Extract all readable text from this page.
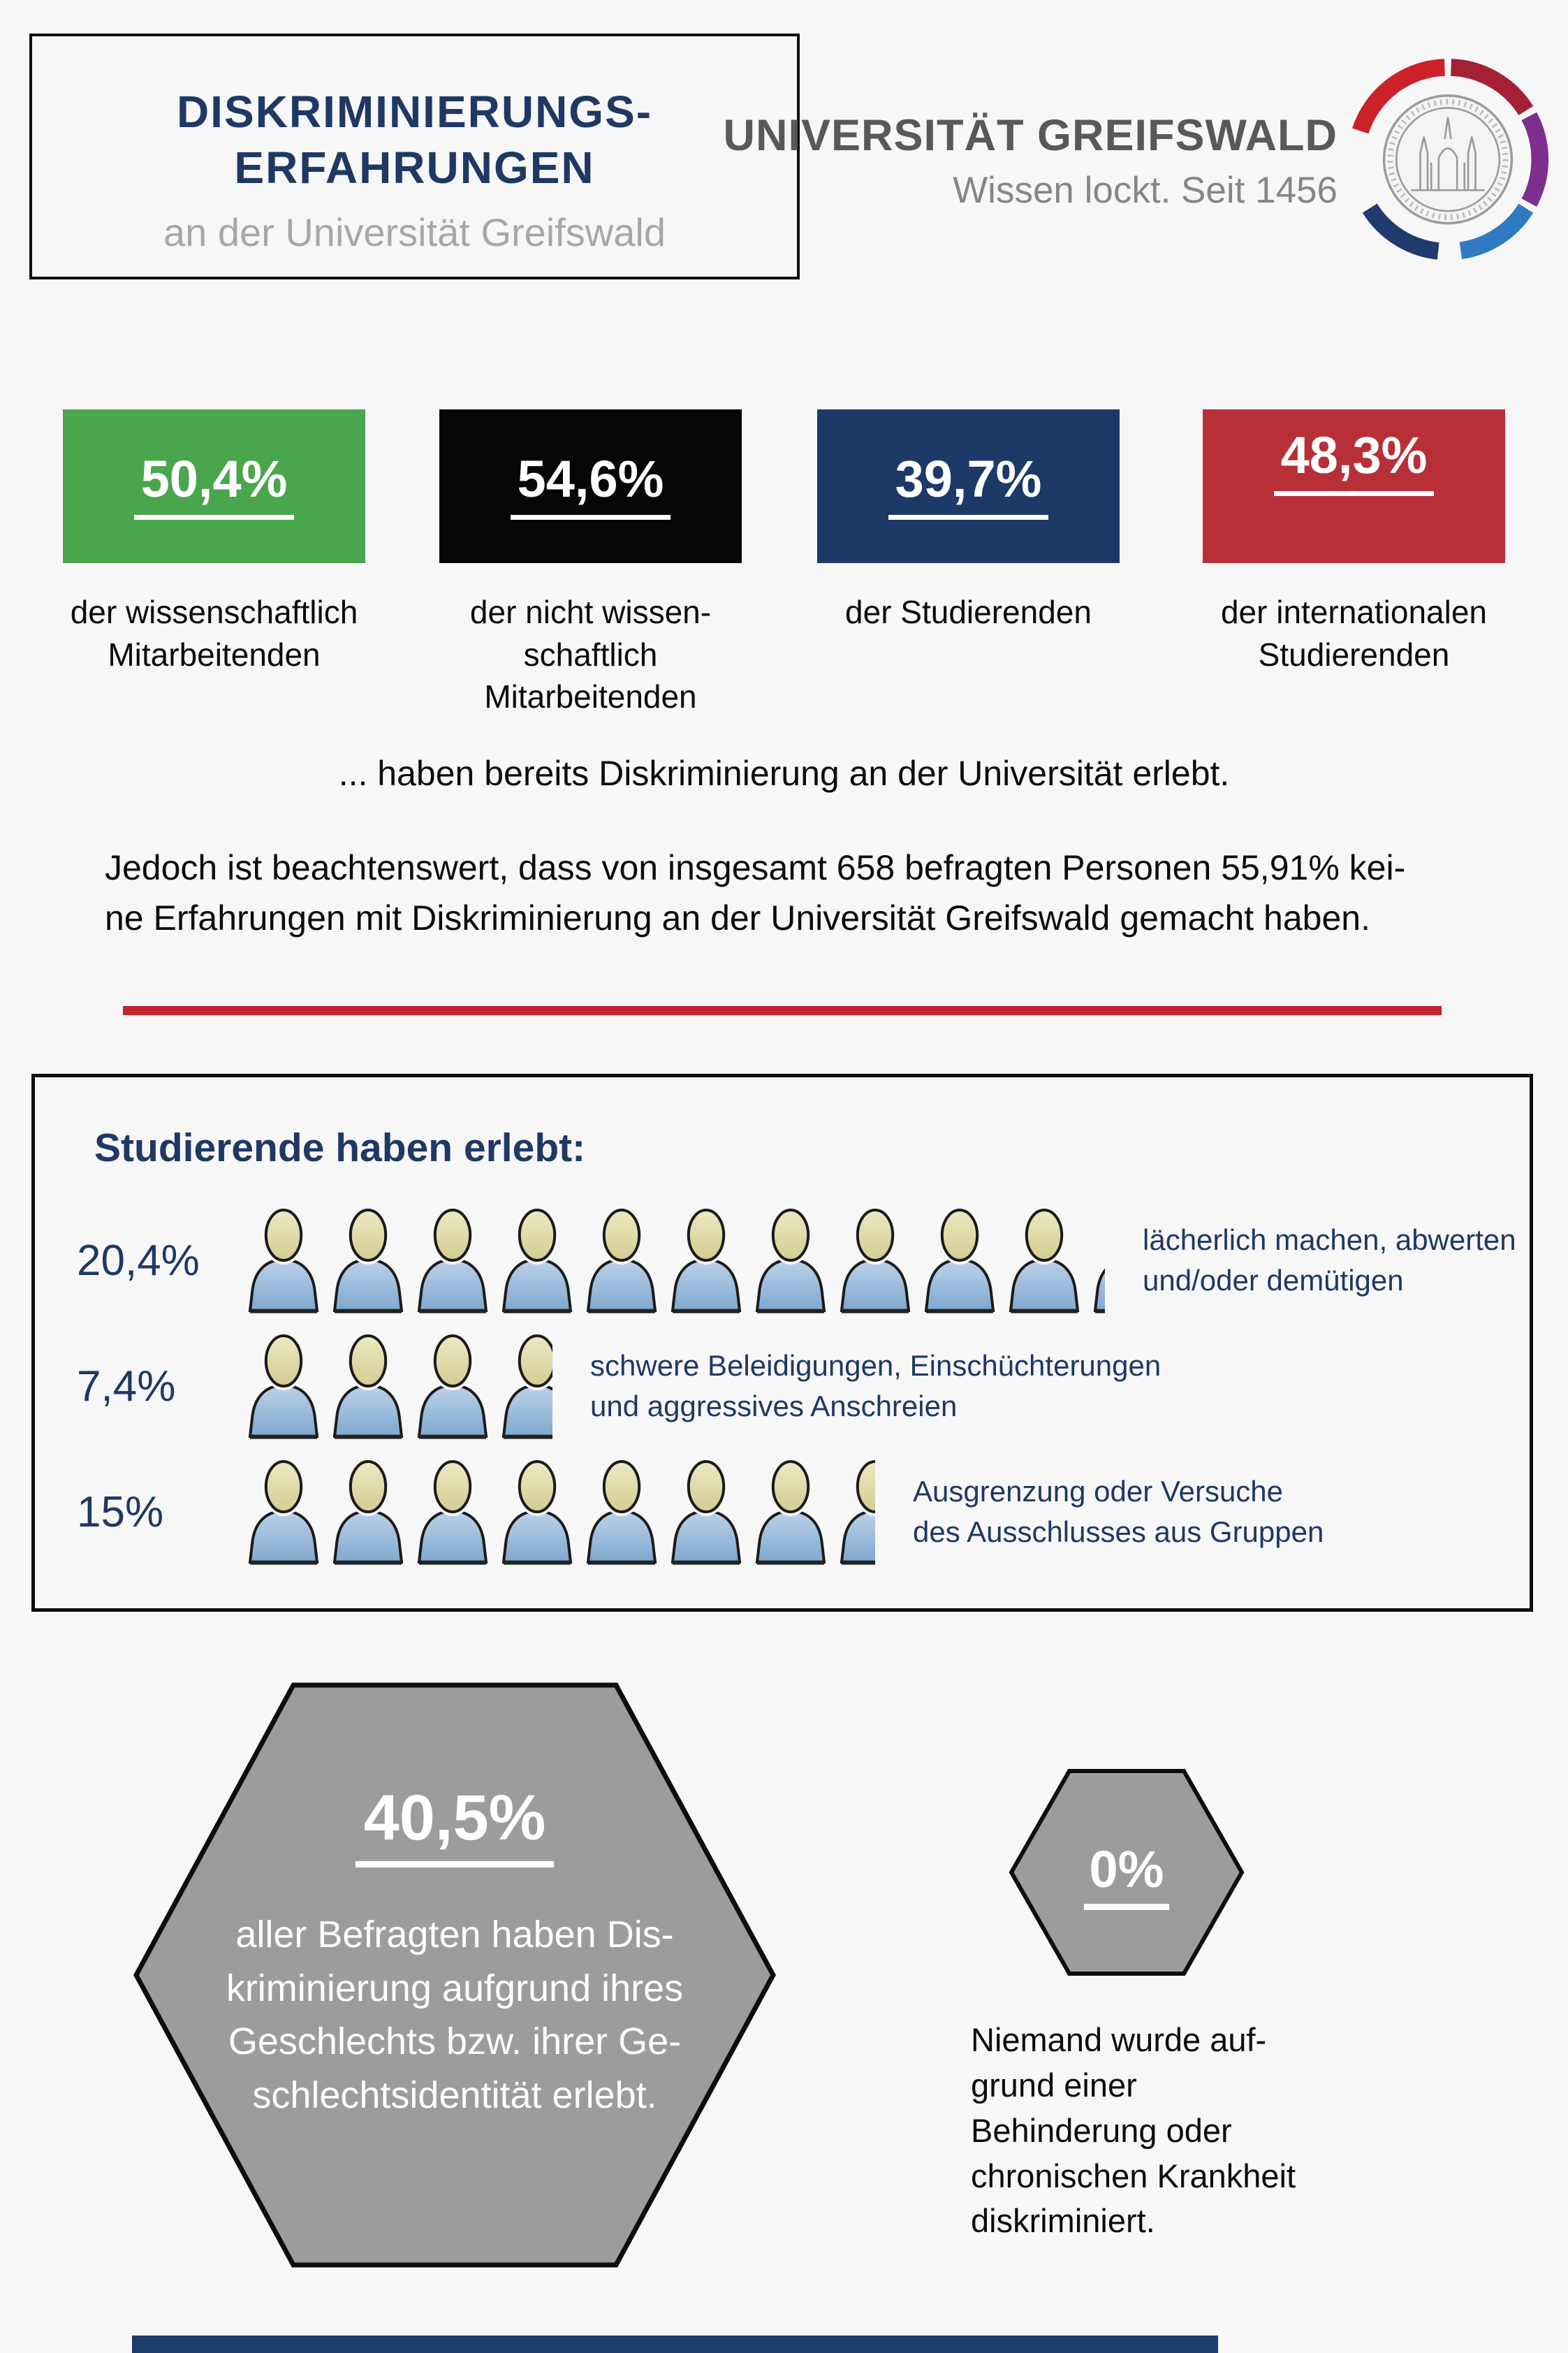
DISKRIMINIERUNGS-
ERFAHRUNGEN
an der Universität Greifswald
UNIVERSITÄT GREIFSWALD
Wissen lockt. Seit 1456
50,4%
der wissenschaftlich
Mitarbeitenden
54,6%
der nicht wissen-
schaftlich
Mitarbeitenden
39,7%
der Studierenden
48,3%
der internationalen
Studierenden
... haben bereits Diskriminierung an der Universität erlebt.
Jedoch ist beachtenswert, dass von insgesamt 658 befragten Personen 55,91% kei-
ne Erfahrungen mit Diskriminierung an der Universität Greifswald gemacht haben.
Studierende haben erlebt:
20,4%	lächerlich machen, abwerten
und/oder demütigen
7,4%	schwere Beleidigungen, Einschüchterungen
und aggressives Anschreien
15%	Ausgrenzung oder Versuche
des Ausschlusses aus Gruppen
40,5%
aller Befragten haben Dis-
kriminierung aufgrund ihres
Geschlechts bzw. ihrer Ge-
schlechtsidentität erlebt.
0%
Niemand wurde auf-
grund einer
Behinderung oder
chronischen Krankheit
diskriminiert.
